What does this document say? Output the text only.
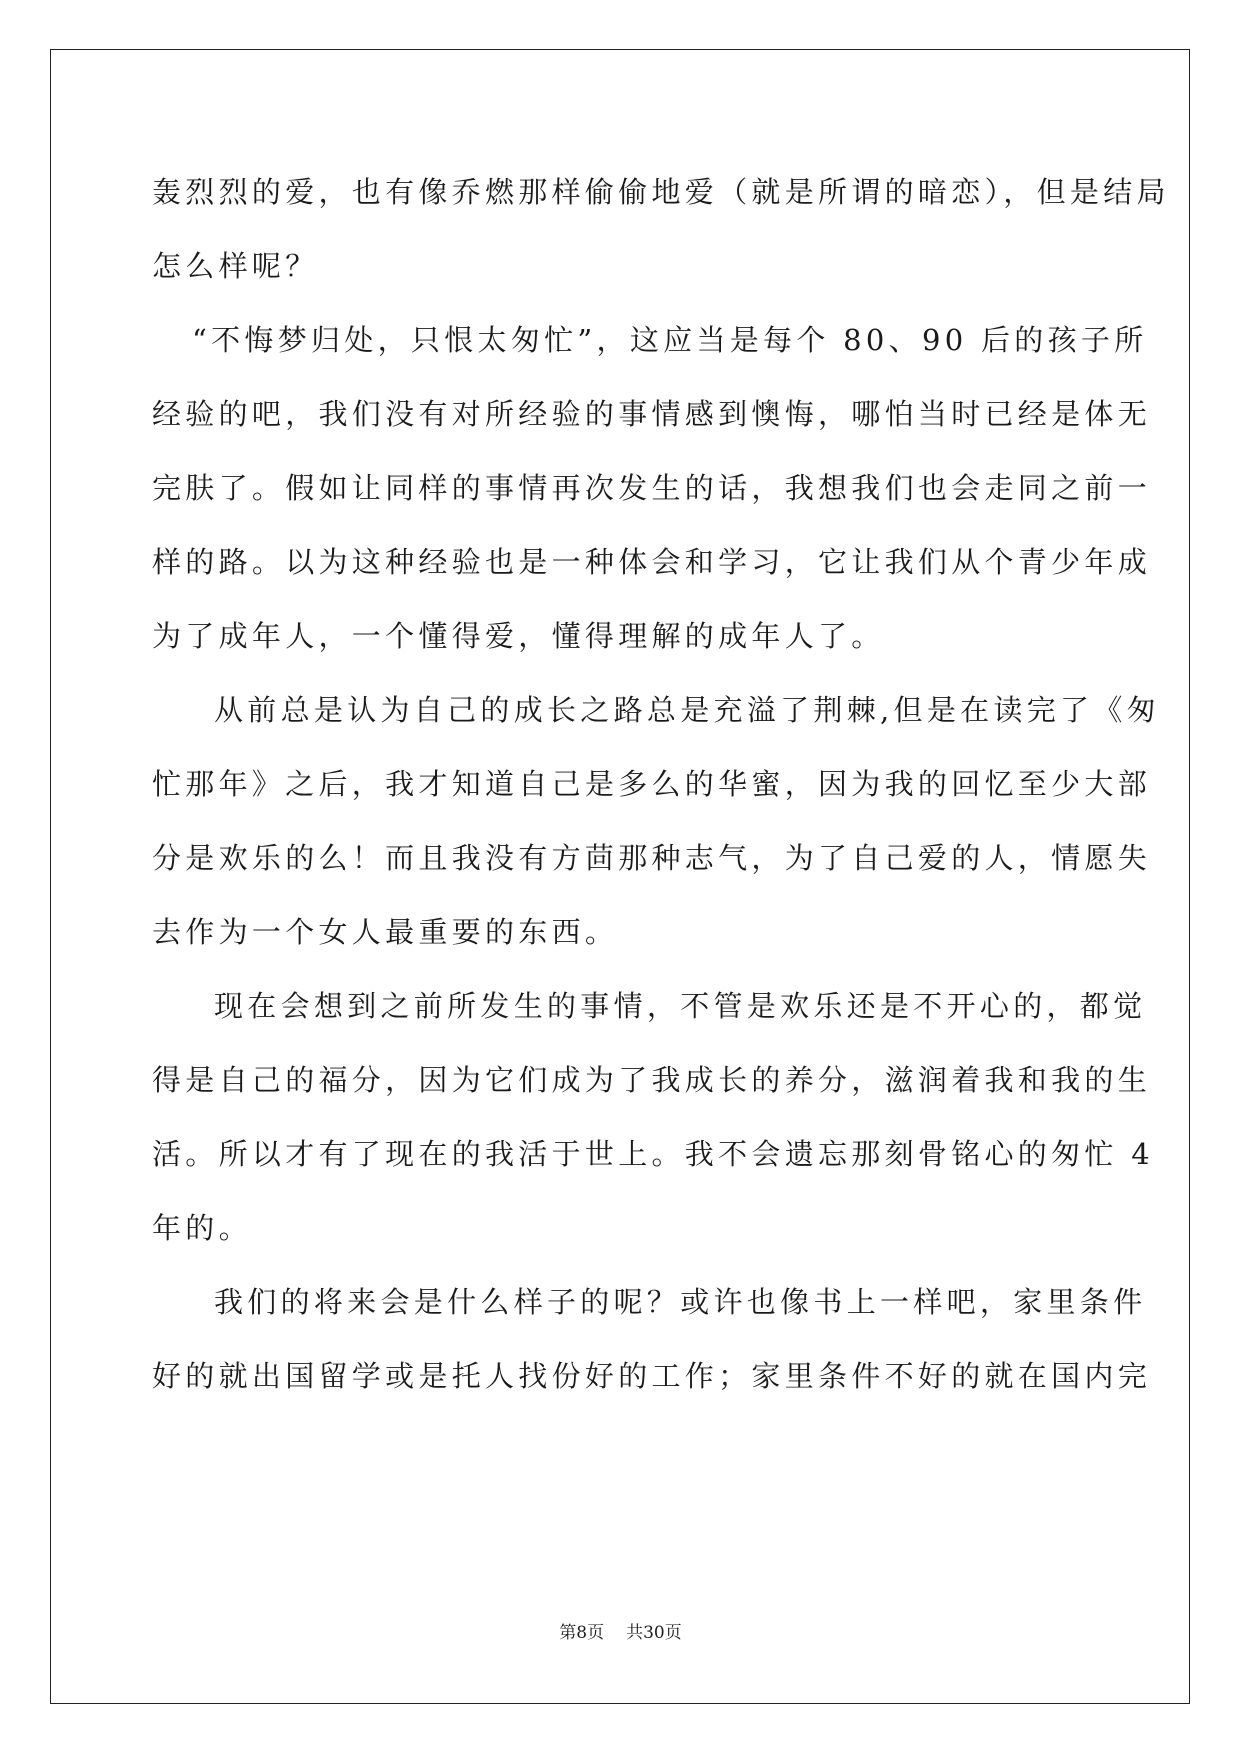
轰烈烈的爱，也有像乔燃那样偷偷地爱（就是所谓的暗恋），但是结局
怎么样呢？
“不悔梦归处，只恨太匆忙”，这应当是每个 80、90 后的孩子所
经验的吧，我们没有对所经验的事情感到懊悔，哪怕当时已经是体无
完肤了。假如让同样的事情再次发生的话，我想我们也会走同之前一
样的路。以为这种经验也是一种体会和学习，它让我们从个青少年成
为了成年人，一个懂得爱，懂得理解的成年人了。
从前总是认为自己的成长之路总是充溢了荆棘,但是在读完了《匆
忙那年》之后，我才知道自己是多么的华蜜，因为我的回忆至少大部
分是欢乐的么！而且我没有方茴那种志气，为了自己爱的人，情愿失
去作为一个女人最重要的东西。
现在会想到之前所发生的事情，不管是欢乐还是不开心的，都觉
得是自己的福分，因为它们成为了我成长的养分，滋润着我和我的生
活。所以才有了现在的我活于世上。我不会遗忘那刻骨铭心的匆忙 4
年的。
我们的将来会是什么样子的呢？或许也像书上一样吧，家里条件
好的就出国留学或是托人找份好的工作；家里条件不好的就在国内完
第8页 共30页
